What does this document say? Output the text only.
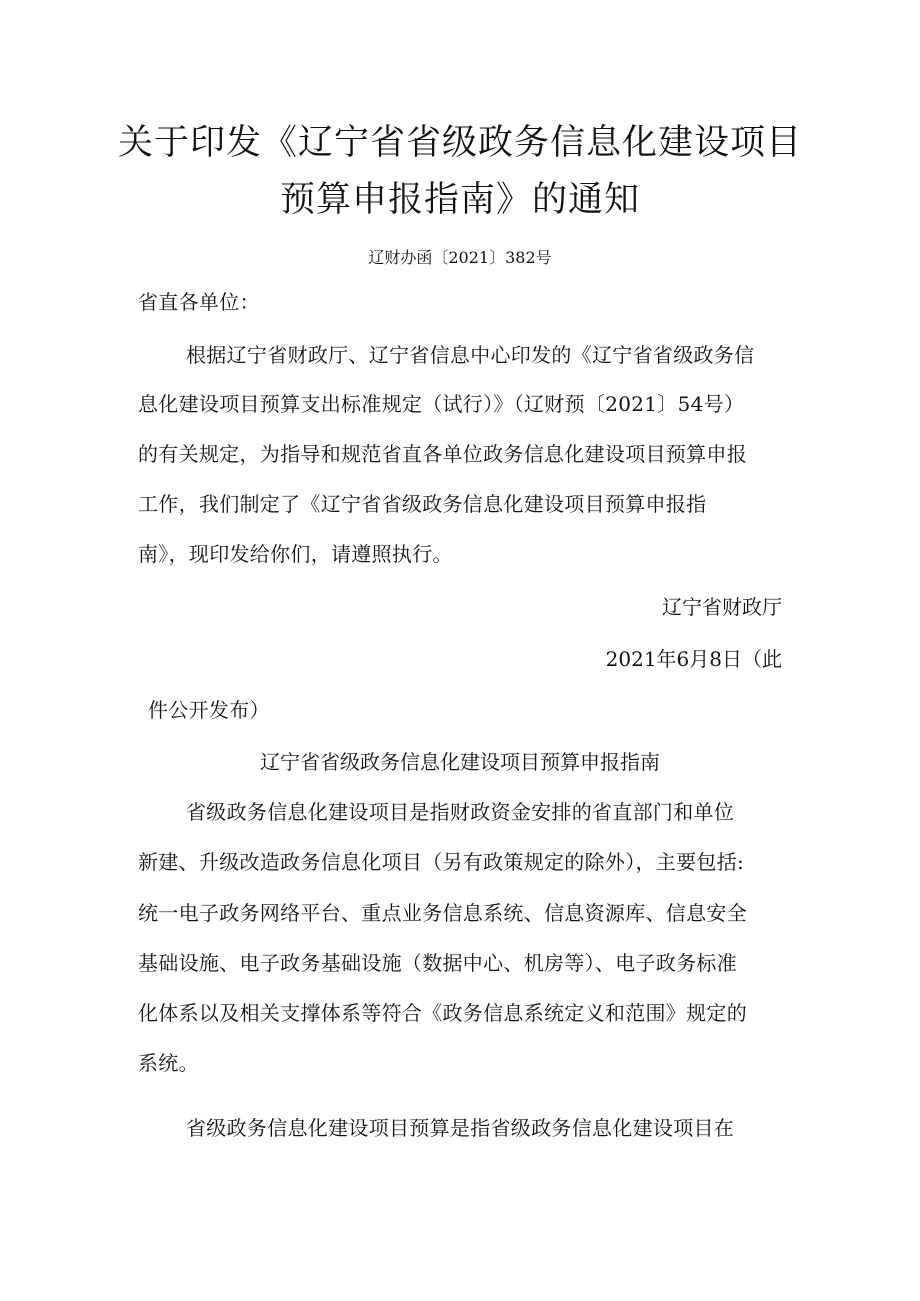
关于印发《辽宁省省级政务信息化建设项目
预算申报指南》的通知
辽财办函〔2021〕382号
省直各单位：
根据辽宁省财政厅、辽宁省信息中心印发的《辽宁省省级政务信
息化建设项目预算支出标准规定（试行）》（辽财预〔2021〕54号）
的有关规定，为指导和规范省直各单位政务信息化建设项目预算申报
工作，我们制定了《辽宁省省级政务信息化建设项目预算申报指
南》，现印发给你们，请遵照执行。
辽宁省财政厅
2021年6月8日（此
件公开发布）
辽宁省省级政务信息化建设项目预算申报指南
省级政务信息化建设项目是指财政资金安排的省直部门和单位
新建、升级改造政务信息化项目（另有政策规定的除外），主要包括:
统一电子政务网络平台、重点业务信息系统、信息资源库、信息安全
基础设施、电子政务基础设施（数据中心、机房等）、电子政务标准
化体系以及相关支撑体系等符合《政务信息系统定义和范围》规定的
系统。
省级政务信息化建设项目预算是指省级政务信息化建设项目在
